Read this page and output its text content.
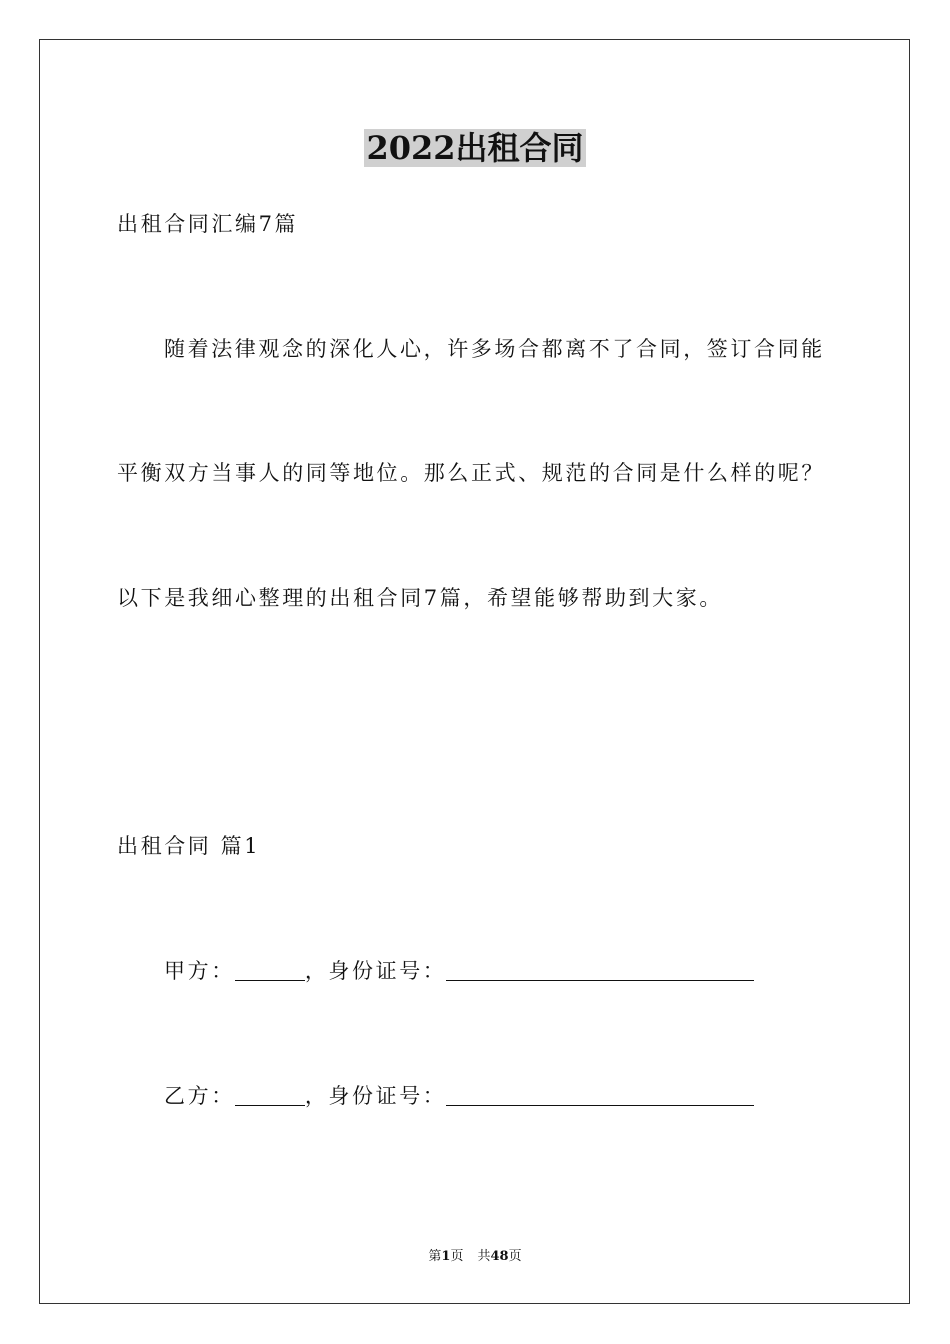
2022出租合同

出租合同汇编7篇

随着法律观念的深化人心，许多场合都离不了合同，签订合同能

平衡双方当事人的同等地位。那么正式、规范的合同是什么样的呢？

以下是我细心整理的出租合同7篇，希望能够帮助到大家。

出租合同 篇1

甲方：	，身份证号：

乙方：	，身份证号：

第1页 共48页
